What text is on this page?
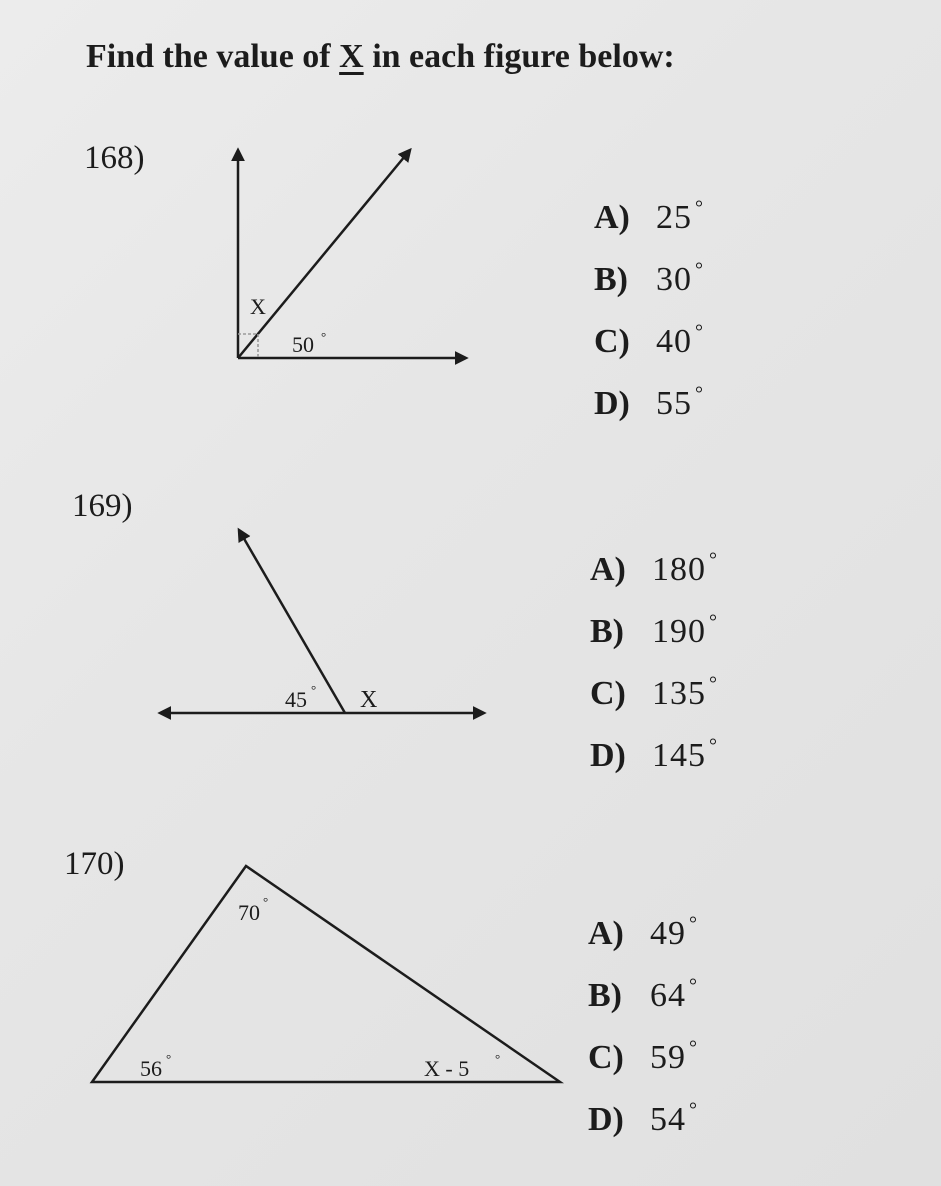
Find the value of X in each figure below:

168)

169)

170)

X
50 °
45 ° X
70 °
56 °	X - 5 °
A) 25 °
B) 30 °
C) 40 °
D) 55 °
A) 180 °
B) 190 °
C) 135 °
D) 145 °
A) 49 °
B) 64 °
C) 59 °
D) 54 °
